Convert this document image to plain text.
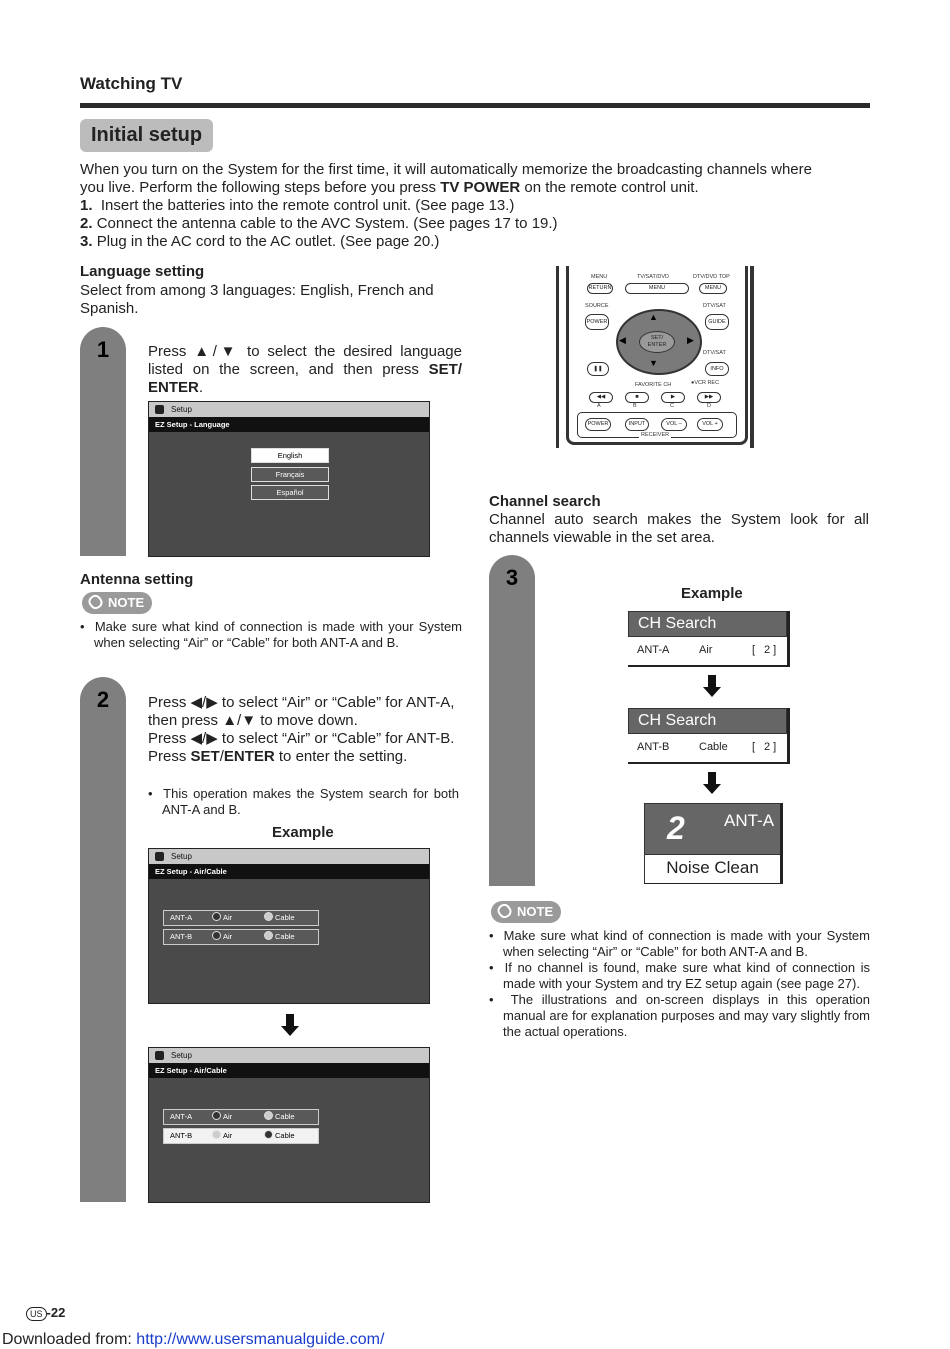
Watching TV
Initial setup
When you turn on the System for the first time, it will automatically memorize the broadcasting channels where
you live. Perform the following steps before you press TV POWER on the remote control unit.
1. Insert the batteries into the remote control unit. (See page 13.)
2. Connect the antenna cable to the AVC System. (See pages 17 to 19.)
3. Plug in the AC cord to the AC outlet. (See page 20.)
Language setting
Select from among 3 languages: English, French and Spanish.
1	Press ▲/▼ to select the desired language listed on the screen, and then press SET/ ENTER.
Setup
EZ Setup - Language
English
Français
Español
Antenna setting
NOTE
•  Make sure what kind of connection is made with your System when selecting “Air” or “Cable” for both ANT-A and B.
2	Press ◀/▶ to select “Air” or “Cable” for ANT-A, then press ▲/▼ to move down.
Press ◀/▶ to select “Air” or “Cable” for ANT-B.
Press SET/ENTER to enter the setting.
•  This operation makes the System search for both ANT-A and B.
Example
Setup
EZ Setup - Air/Cable
ANT-A	Air	Cable
ANT-B	Air	Cable
Setup
EZ Setup - Air/Cable
ANT-A	Air	Cable
ANT-B	Air	Cable
MENU	TV/SAT/DVD	DTV/DVD TOP
RETURN	MENU	MENU
SOURCE	DTV/SAT
POWER	GUIDE
▲
▼
◀	▶
SET/
ENTER
DTV/SAT
❚❚	INFO
FAVORITE CH	●VCR REC
◀◀	■	▶	▶▶
A	B	C	D
POWER	INPUT	VOL –	VOL +
RECEIVER
Channel search
Channel auto search makes the System look for all channels viewable in the set area.
3
Example
CH Search
ANT-A	Air	[ 2 ]
CH Search
ANT-B	Cable [ 2 ]
2 ANT-A
Noise Clean
NOTE
•  Make sure what kind of connection is made with your System when selecting “Air” or “Cable” for both ANT-A and B.
•  If no channel is found, make sure what kind of connection is made with your System and try EZ setup again (see page 27).
•  The illustrations and on-screen displays in this operation manual are for explanation purposes and may vary slightly from the actual operations.
US -22
Downloaded from: http://www.usersmanualguide.com/
